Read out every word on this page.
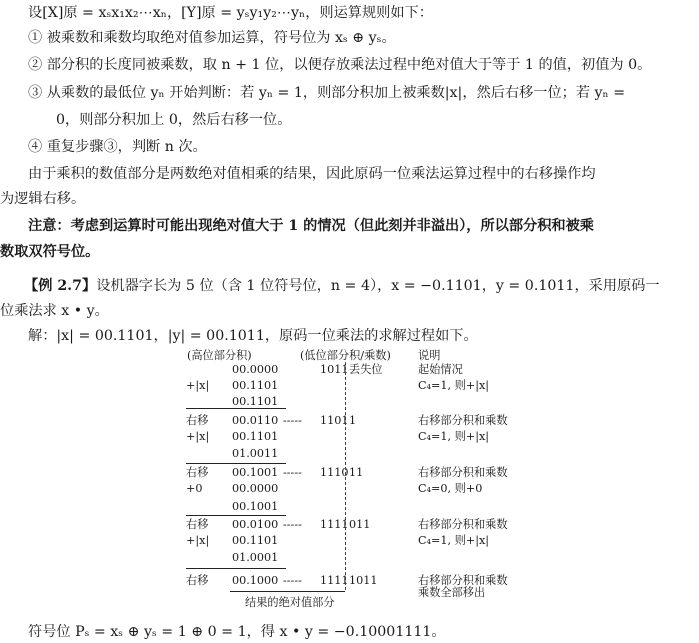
设[X]原 = xₛx₁x₂⋯xₙ，[Y]原 = yₛy₁y₂⋯yₙ，则运算规则如下：
① 被乘数和乘数均取绝对值参加运算，符号位为 xₛ ⊕ yₛ。
② 部分积的长度同被乘数，取 n + 1 位，以便存放乘法过程中绝对值大于等于 1 的值，初值为 0。
③ 从乘数的最低位 yₙ 开始判断：若 yₙ = 1，则部分积加上被乘数|x|，然后右移一位；若 yₙ =
0，则部分积加上 0，然后右移一位。
④ 重复步骤③，判断 n 次。
由于乘积的数值部分是两数绝对值相乘的结果，因此原码一位乘法运算过程中的右移操作均
为逻辑右移。
注意：考虑到运算时可能出现绝对值大于 1 的情况（但此刻并非溢出），所以部分积和被乘
数取双符号位。
【例 2.7】设机器字长为 5 位（含 1 位符号位，n = 4），x = −0.1101，y = 0.1011，采用原码一
位乘法求 x • y。
解：|x| = 00.1101，|y| = 00.1011，原码一位乘法的求解过程如下。
(高位部分积)	(低位部分积/乘数) 说明
00.0000	1011 丢失位	起始情况
+|x| 00.1101	C₄=1, 则+|x|
00.1101
右移 00.0110 ----- 1101 1	右移部分积和乘数
+|x| 00.1101	C₄=1, 则+|x|
01.0011
右移 00.1001 ----- 1110 11	右移部分积和乘数
+0	00.0000	C₄=0, 则+0
00.1001
右移 00.0100 ----- 1111 011	右移部分积和乘数
+|x| 00.1101	C₄=1, 则+|x|
01.0001
右移 00.1000 ----- 1111 1011	右移部分积和乘数
乘数全部移出
结果的绝对值部分
符号位 Pₛ = xₛ ⊕ yₛ = 1 ⊕ 0 = 1，得 x • y = −0.10001111。
